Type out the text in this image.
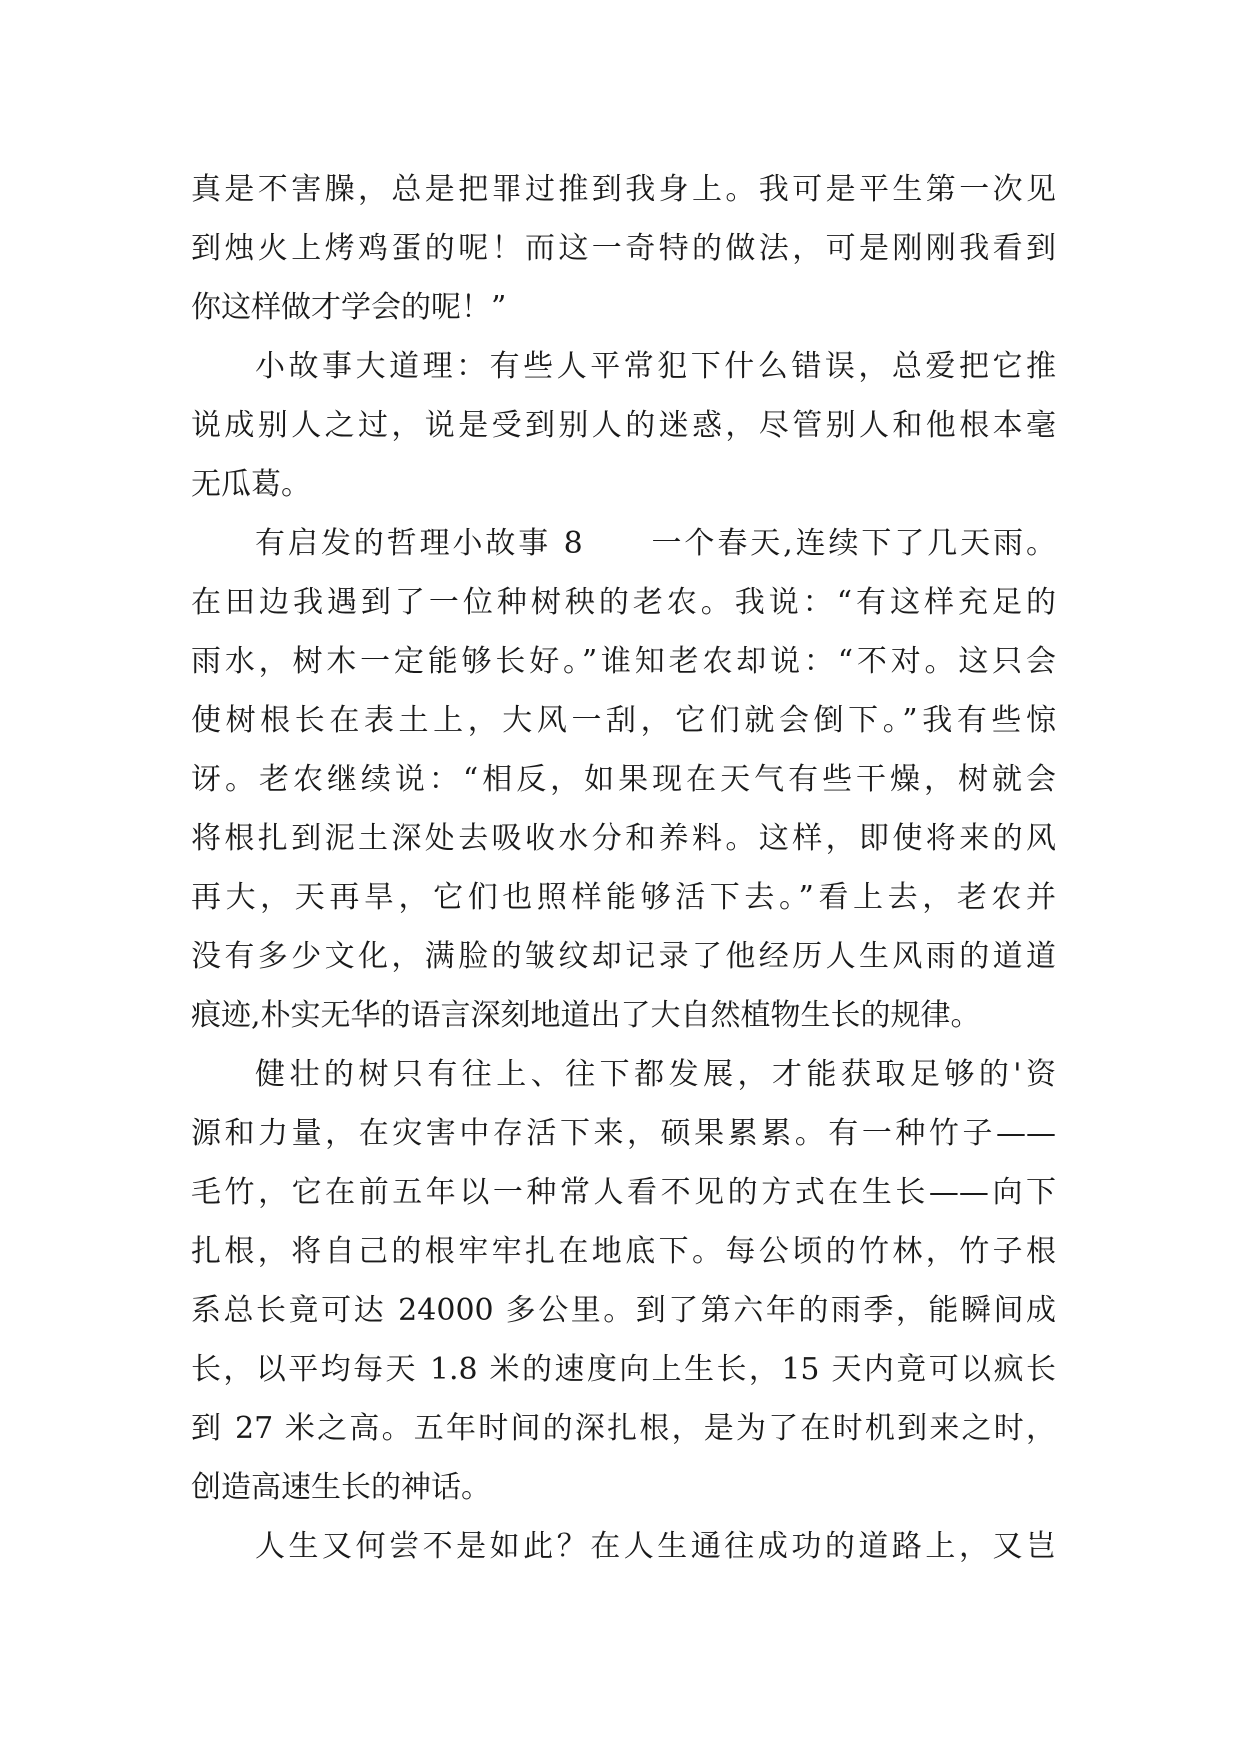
真是不害臊，总是把罪过推到我身上。我可是平生第一次见
到烛火上烤鸡蛋的呢！而这一奇特的做法，可是刚刚我看到
你这样做才学会的呢！”
小故事大道理：有些人平常犯下什么错误，总爱把它推
说成别人之过，说是受到别人的迷惑，尽管别人和他根本毫
无瓜葛。
有启发的哲理小故事 8　　一个春天,连续下了几天雨。
在田边我遇到了一位种树秧的老农。我说：“有这样充足的
雨水，树木一定能够长好。”谁知老农却说：“不对。这只会
使树根长在表土上，大风一刮，它们就会倒下。”我有些惊
讶。老农继续说：“相反，如果现在天气有些干燥，树就会
将根扎到泥土深处去吸收水分和养料。这样，即使将来的风
再大，天再旱，它们也照样能够活下去。”看上去，老农并
没有多少文化，满脸的皱纹却记录了他经历人生风雨的道道
痕迹,朴实无华的语言深刻地道出了大自然植物生长的规律。
健壮的树只有往上、往下都发展，才能获取足够的'资
源和力量，在灾害中存活下来，硕果累累。有一种竹子——
毛竹，它在前五年以一种常人看不见的方式在生长——向下
扎根，将自己的根牢牢扎在地底下。每公顷的竹林，竹子根
系总长竟可达 24000 多公里。到了第六年的雨季，能瞬间成
长，以平均每天 1.8 米的速度向上生长，15 天内竟可以疯长
到 27 米之高。五年时间的深扎根，是为了在时机到来之时，
创造高速生长的神话。
人生又何尝不是如此？在人生通往成功的道路上，又岂
